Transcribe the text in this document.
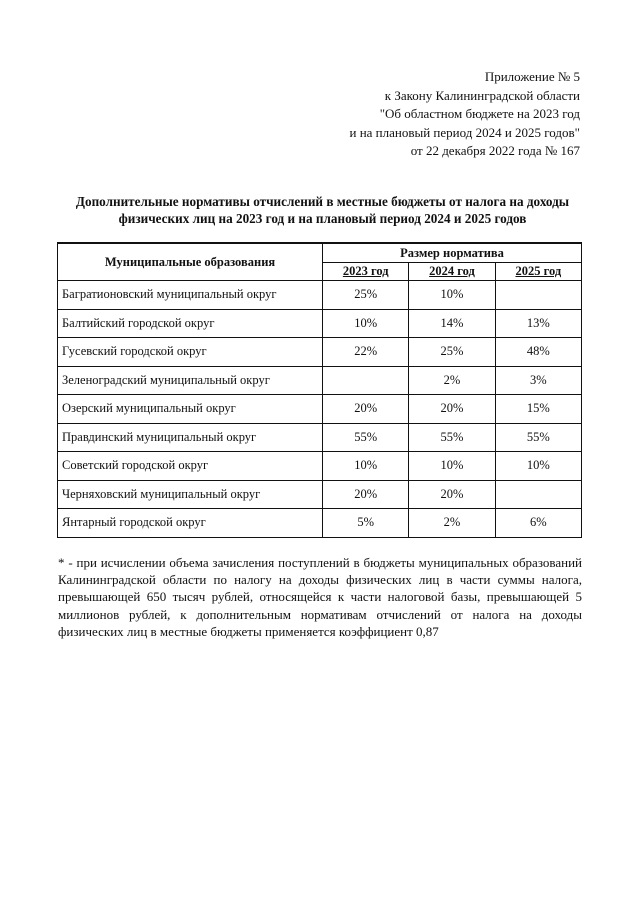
Приложение № 5
к Закону Калининградской области
"Об областном бюджете на 2023 год
и на плановый период 2024 и 2025 годов"
от 22 декабря 2022 года № 167
Дополнительные нормативы отчислений в местные бюджеты от налога на доходы
физических лиц на 2023 год и на плановый период 2024 и 2025 годов
Муниципальные образования	Размер норматива		
	2023 год	2024 год	2025 год
Багратионовский муниципальный округ	25%	10%	
Балтийский городской округ	10%	14%	13%
Гусевский городской округ	22%	25%	48%
Зеленоградский муниципальный округ		2%	3%
Озерский муниципальный округ	20%	20%	15%
Правдинский муниципальный округ	55%	55%	55%
Советский городской округ	10%	10%	10%
Черняховский муниципальный округ	20%	20%	
Янтарный городской округ	5%	2%	6%
* - при исчислении объема зачисления поступлений в бюджеты муниципальных образований Калининградской области по налогу на доходы физических лиц в части суммы налога, превышающей 650 тысяч рублей, относящейся к части налоговой базы, превышающей 5 миллионов рублей, к дополнительным нормативам отчислений от налога на доходы физических лиц в местные бюджеты применяется коэффициент 0,87
